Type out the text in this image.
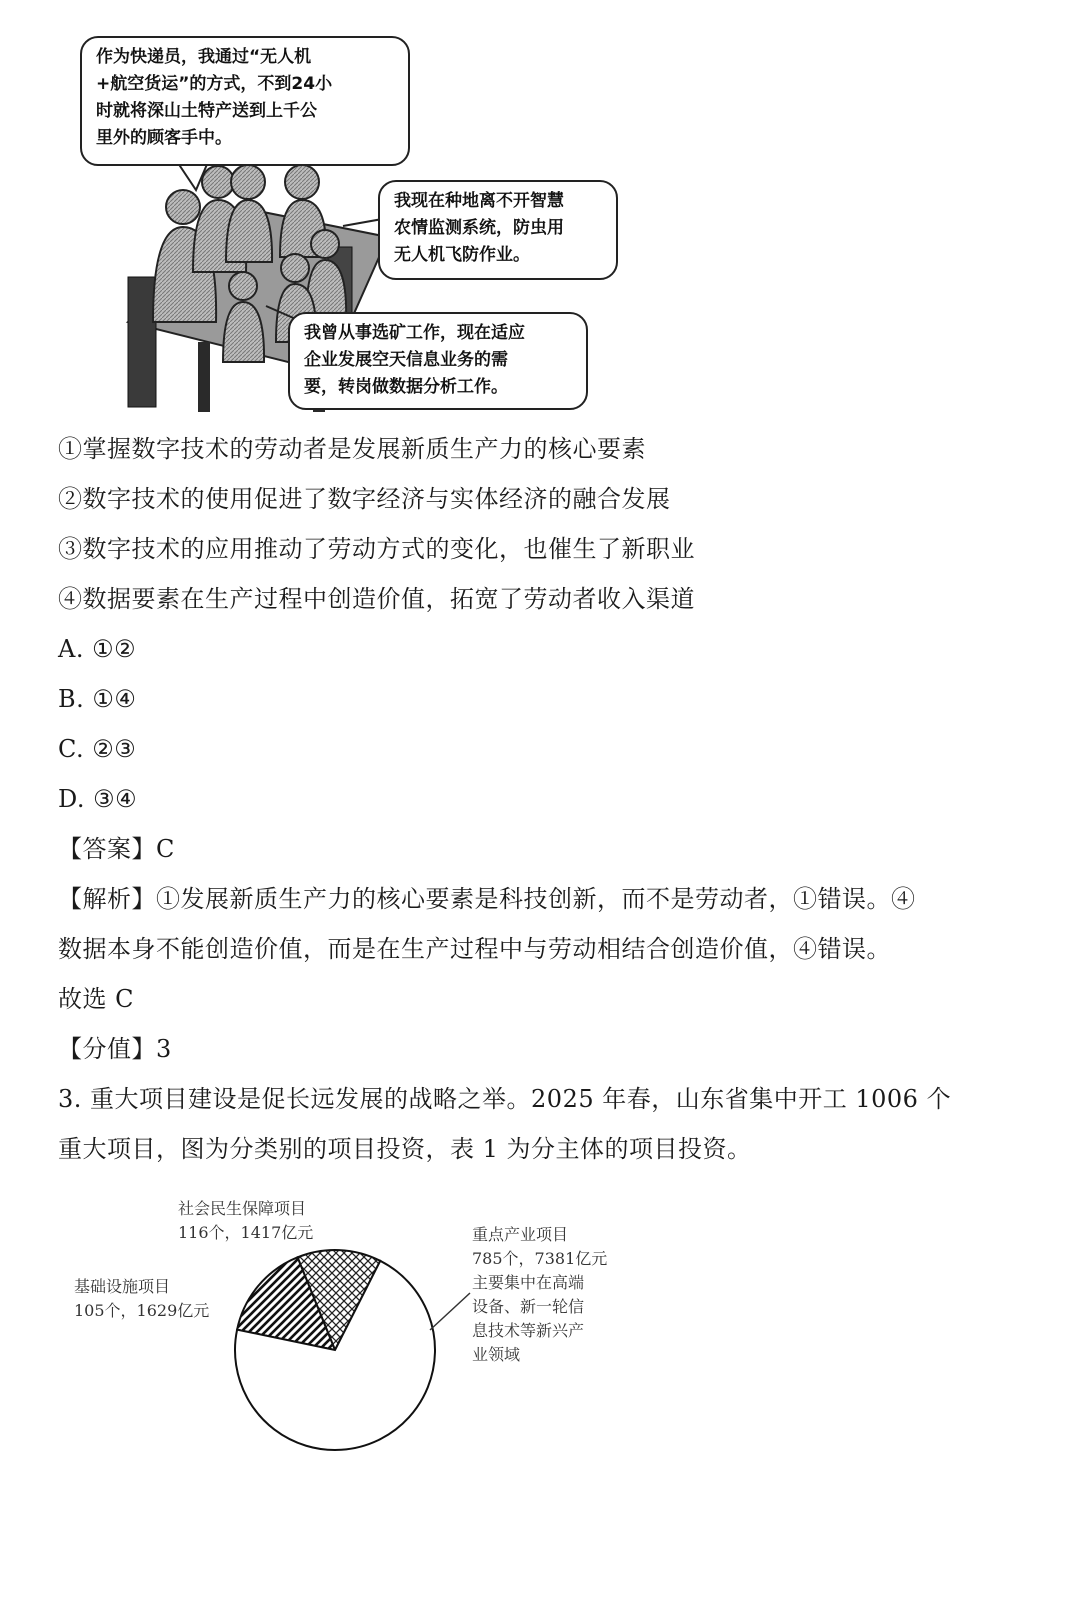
作为快递员，我通过“无人机
+航空货运”的方式，不到24小
时就将深山土特产送到上千公
里外的顾客手中。
我现在种地离不开智慧
农情监测系统，防虫用
无人机飞防作业。
我曾从事选矿工作，现在适应
企业发展空天信息业务的需
要，转岗做数据分析工作。
①掌握数字技术的劳动者是发展新质生产力的核心要素
②数字技术的使用促进了数字经济与实体经济的融合发展
③数字技术的应用推动了劳动方式的变化，也催生了新职业
④数据要素在生产过程中创造价值，拓宽了劳动者收入渠道
A. ①②
B. ①④
C. ②③
D. ③④
【答案】C
【解析】①发展新质生产力的核心要素是科技创新，而不是劳动者，①错误。④
数据本身不能创造价值，而是在生产过程中与劳动相结合创造价值，④错误。
故选 C
【分值】3
3. 重大项目建设是促长远发展的战略之举。2025 年春，山东省集中开工 1006 个
重大项目，图为分类别的项目投资，表 1 为分主体的项目投资。
社会民生保障项目
116个，1417亿元
基础设施项目
105个，1629亿元
重点产业项目
785个，7381亿元
主要集中在高端
设备、新一轮信
息技术等新兴产
业领域
